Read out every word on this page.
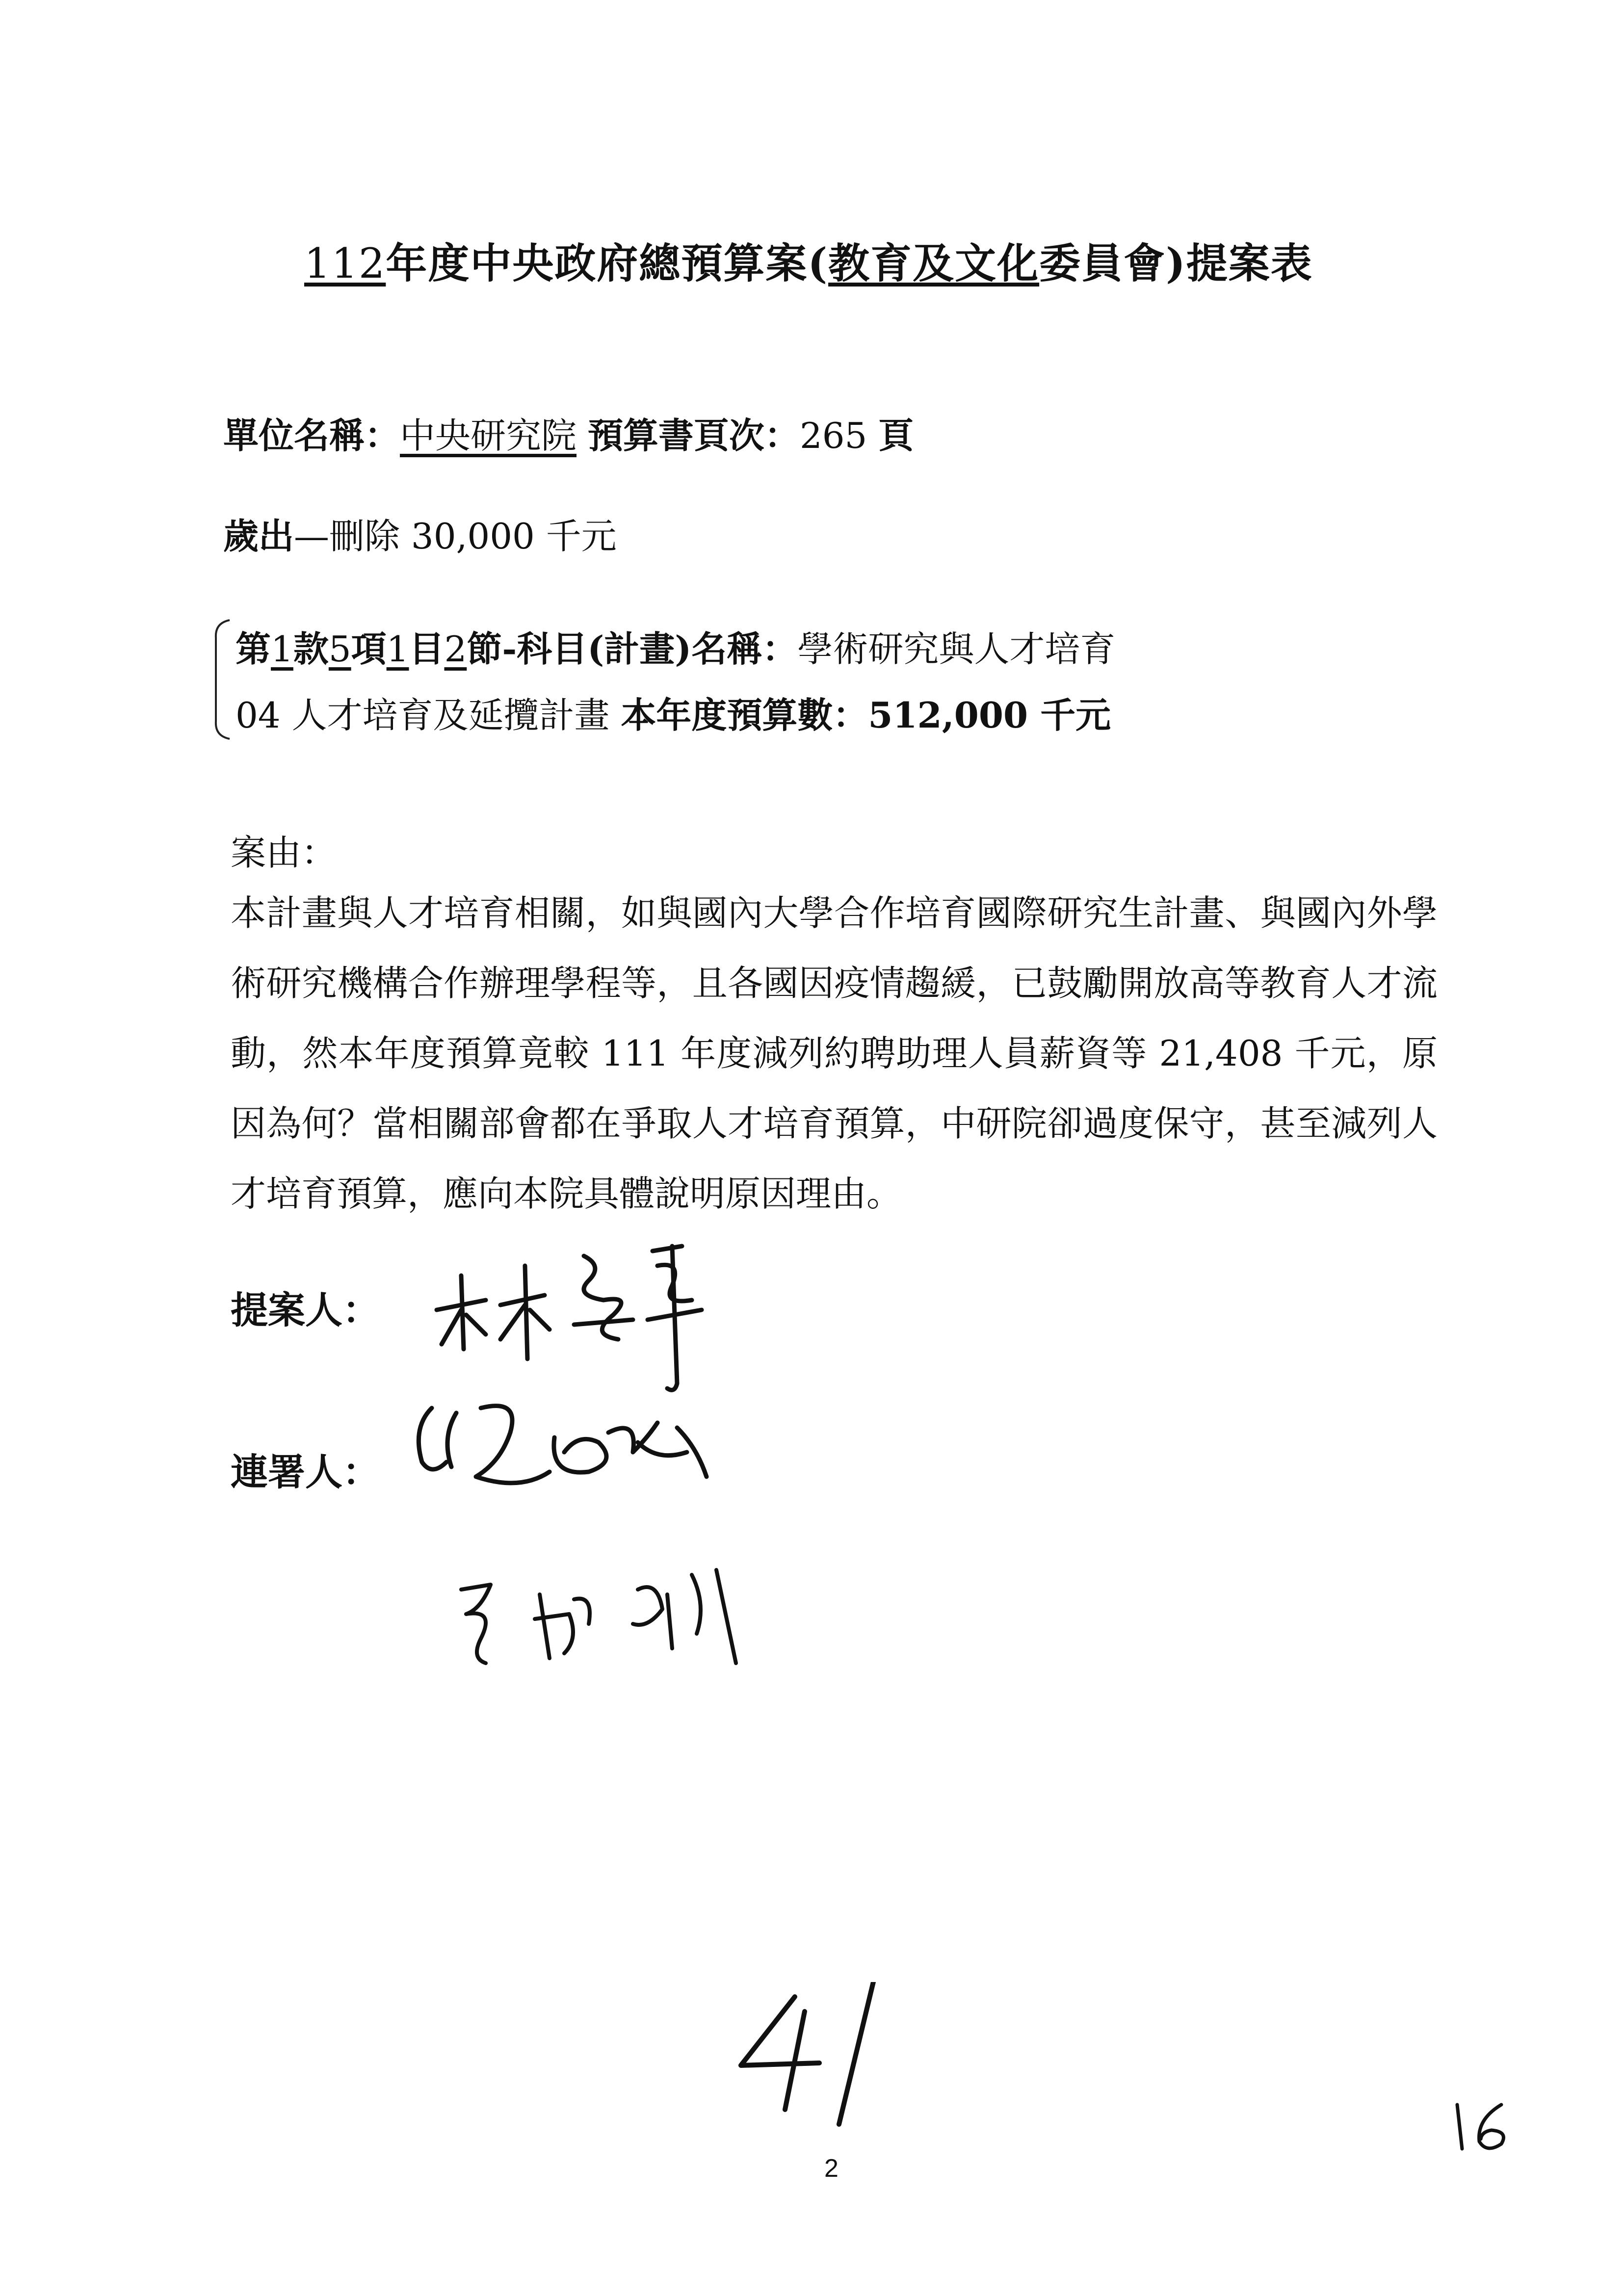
112年度中央政府總預算案(教育及文化委員會)提案表
單位名稱：中央研究院 預算書頁次：265 頁
歲出—刪除 30,000 千元
第1款5項1目2節-科目(計畫)名稱：學術研究與人才培育
04 人才培育及延攬計畫 本年度預算數：512,000 千元
案由：
本計畫與人才培育相關，如與國內大學合作培育國際研究生計畫、與國內外學術研究機構合作辦理學程等，且各國因疫情趨緩，已鼓勵開放高等教育人才流動，然本年度預算竟較 111 年度減列約聘助理人員薪資等 21,408 千元，原因為何？當相關部會都在爭取人才培育預算，中研院卻過度保守，甚至減列人才培育預算，應向本院具體說明原因理由。
提案人：
連署人：
2
